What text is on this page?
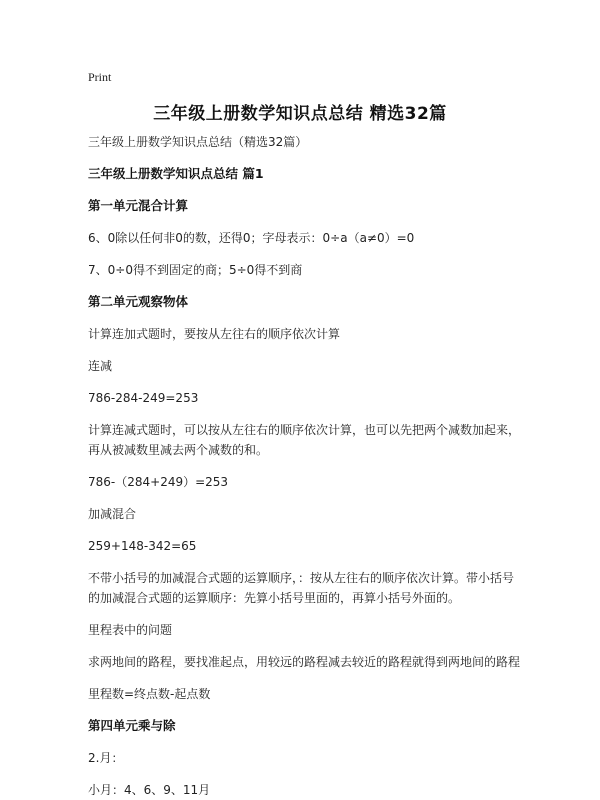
Print
三年级上册数学知识点总结 精选32篇

三年级上册数学知识点总结（精选32篇）

三年级上册数学知识点总结 篇1

第一单元混合计算

6、0除以任何非0的数，还得0；字母表示：0÷a（a≠0）=0

7、0÷0得不到固定的商；5÷0得不到商

第二单元观察物体

计算连加式题时，要按从左往右的顺序依次计算

连减

786-284-249=253

计算连减式题时，可以按从左往右的顺序依次计算，也可以先把两个减数加起来，

再从被减数里减去两个减数的和。

786-（284+249）=253

加减混合

259+148-342=65

不带小括号的加减混合式题的运算顺序，：按从左往右的顺序依次计算。带小括号

的加减混合式题的运算顺序：先算小括号里面的，再算小括号外面的。

里程表中的问题

求两地间的路程，要找准起点，用较远的路程减去较近的路程就得到两地间的路程

里程数=终点数-起点数

第四单元乘与除

2.月：

小月：4、6、9、11月
